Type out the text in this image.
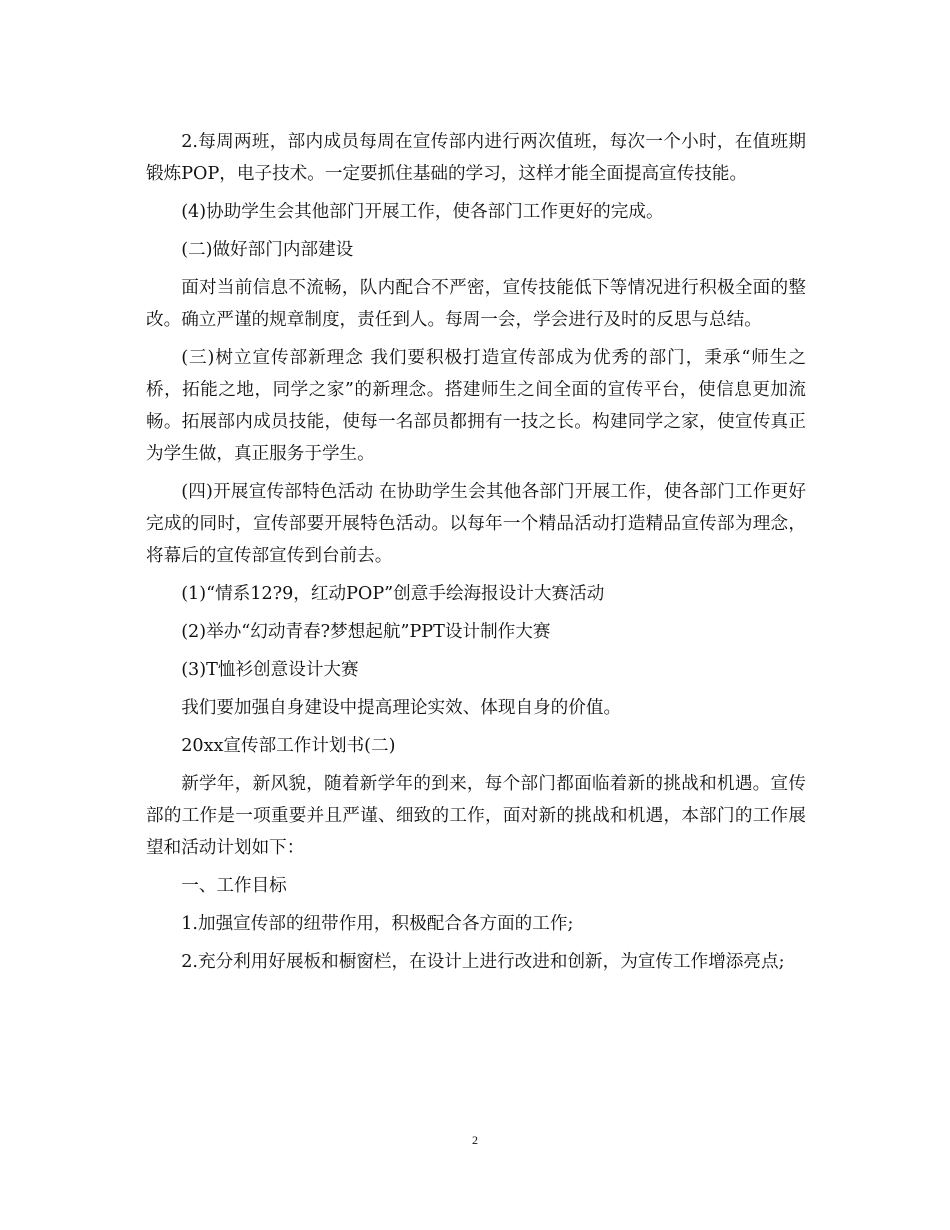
2.每周两班，部内成员每周在宣传部内进行两次值班，每次一个小时，在值班期锻炼POP，电子技术。一定要抓住基础的学习，这样才能全面提高宣传技能。

(4)协助学生会其他部门开展工作，使各部门工作更好的完成。

(二)做好部门内部建设

面对当前信息不流畅，队内配合不严密，宣传技能低下等情况进行积极全面的整改。确立严谨的规章制度，责任到人。每周一会，学会进行及时的反思与总结。

(三)树立宣传部新理念 我们要积极打造宣传部成为优秀的部门，秉承“师生之桥，拓能之地，同学之家”的新理念。搭建师生之间全面的宣传平台，使信息更加流畅。拓展部内成员技能，使每一名部员都拥有一技之长。构建同学之家，使宣传真正为学生做，真正服务于学生。

(四)开展宣传部特色活动 在协助学生会其他各部门开展工作，使各部门工作更好完成的同时，宣传部要开展特色活动。以每年一个精品活动打造精品宣传部为理念，将幕后的宣传部宣传到台前去。

(1)“情系12?9，红动POP”创意手绘海报设计大赛活动

(2)举办“幻动青春?梦想起航”PPT设计制作大赛

(3)T恤衫创意设计大赛

我们要加强自身建设中提高理论实效、体现自身的价值。

20xx宣传部工作计划书(二)

新学年，新风貌，随着新学年的到来，每个部门都面临着新的挑战和机遇。宣传部的工作是一项重要并且严谨、细致的工作，面对新的挑战和机遇，本部门的工作展望和活动计划如下：

一、工作目标

1.加强宣传部的纽带作用，积极配合各方面的工作;

2.充分利用好展板和橱窗栏，在设计上进行改进和创新，为宣传工作增添亮点;

2
